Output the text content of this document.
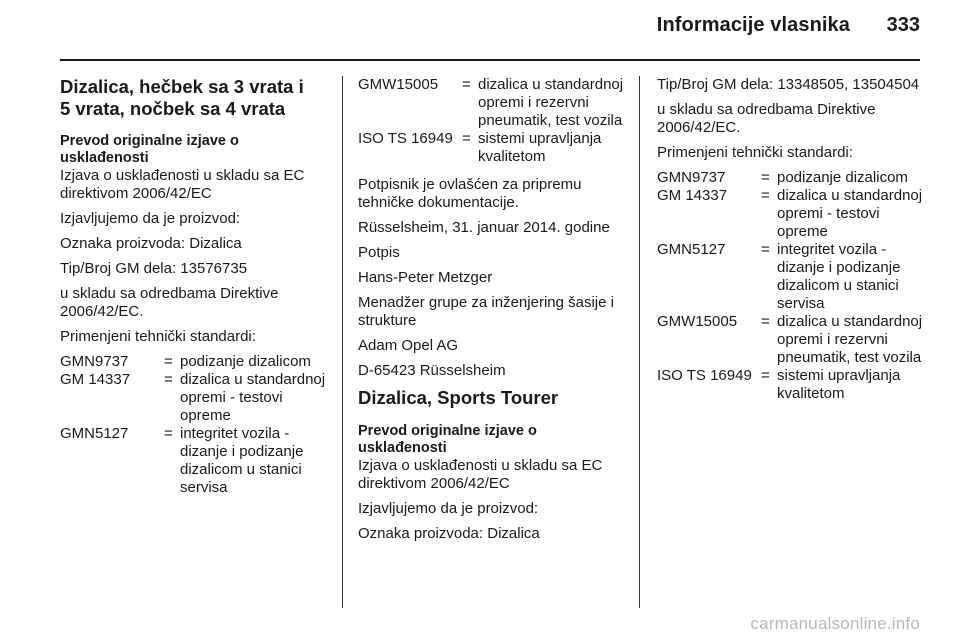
Informacije vlasnika 333
Dizalica, hečbek sa 3 vrata i
5 vrata, nočbek sa 4 vrata
Prevod originalne izjave o
usklađenosti

Izjava o usklađenosti u skladu sa EC direktivom 2006/42/EC

Izjavljujemo da je proizvod:

Oznaka proizvoda: Dizalica

Tip/Broj GM dela: 13576735

u skladu sa odredbama Direktive 2006/42/EC.

Primenjeni tehnički standardi:

GMN9737	=	podizanje dizalicom
GM 14337	=	dizalica u standardnoj opremi - testovi opreme
GMN5127	=	integritet vozila - dizanje i podizanje dizalicom u stanici servisa
GMW15005	=	dizalica u standardnoj opremi i rezervni pneumatik, test vozila
ISO TS 16949	=	sistemi upravljanja kvalitetom

Potpisnik je ovlašćen za pripremu tehničke dokumentacije.

Rüsselsheim, 31. januar 2014. godine

Potpis

Hans-Peter Metzger

Menadžer grupe za inženjering šasije i strukture

Adam Opel AG

D-65423 Rüsselsheim

Dizalica, Sports Tourer
Prevod originalne izjave o
usklađenosti

Izjava o usklađenosti u skladu sa EC direktivom 2006/42/EC

Izjavljujemo da je proizvod:

Oznaka proizvoda: Dizalica

Tip/Broj GM dela: 13348505, 13504504

u skladu sa odredbama Direktive 2006/42/EC.

Primenjeni tehnički standardi:

GMN9737	=	podizanje dizalicom
GM 14337	=	dizalica u standardnoj opremi - testovi opreme
GMN5127	=	integritet vozila - dizanje i podizanje dizalicom u stanici servisa
GMW15005	=	dizalica u standardnoj opremi i rezervni pneumatik, test vozila
ISO TS 16949	=	sistemi upravljanja kvalitetom
carmanualsonline.info
